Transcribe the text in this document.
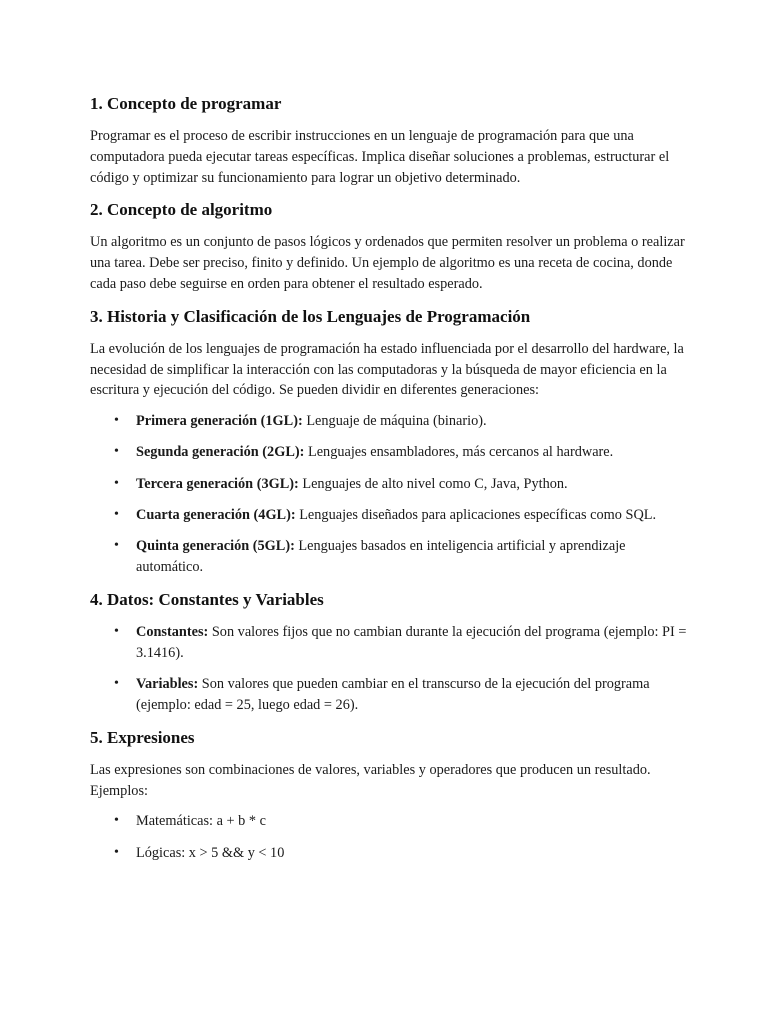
1. Concepto de programar

Programar es el proceso de escribir instrucciones en un lenguaje de programación para que una computadora pueda ejecutar tareas específicas. Implica diseñar soluciones a problemas, estructurar el código y optimizar su funcionamiento para lograr un objetivo determinado.

2. Concepto de algoritmo

Un algoritmo es un conjunto de pasos lógicos y ordenados que permiten resolver un problema o realizar una tarea. Debe ser preciso, finito y definido. Un ejemplo de algoritmo es una receta de cocina, donde cada paso debe seguirse en orden para obtener el resultado esperado.

3. Historia y Clasificación de los Lenguajes de Programación

La evolución de los lenguajes de programación ha estado influenciada por el desarrollo del hardware, la necesidad de simplificar la interacción con las computadoras y la búsqueda de mayor eficiencia en la escritura y ejecución del código. Se pueden dividir en diferentes generaciones:

• Primera generación (1GL): Lenguaje de máquina (binario).
• Segunda generación (2GL): Lenguajes ensambladores, más cercanos al hardware.
• Tercera generación (3GL): Lenguajes de alto nivel como C, Java, Python.
• Cuarta generación (4GL): Lenguajes diseñados para aplicaciones específicas como SQL.
• Quinta generación (5GL): Lenguajes basados en inteligencia artificial y aprendizaje automático.
4. Datos: Constantes y Variables
• Constantes: Son valores fijos que no cambian durante la ejecución del programa (ejemplo: PI = 3.1416).
• Variables: Son valores que pueden cambiar en el transcurso de la ejecución del programa (ejemplo: edad = 25, luego edad = 26).
5. Expresiones

Las expresiones son combinaciones de valores, variables y operadores que producen un resultado. Ejemplos:

• Matemáticas: a + b * c
• Lógicas: x > 5 && y < 10
